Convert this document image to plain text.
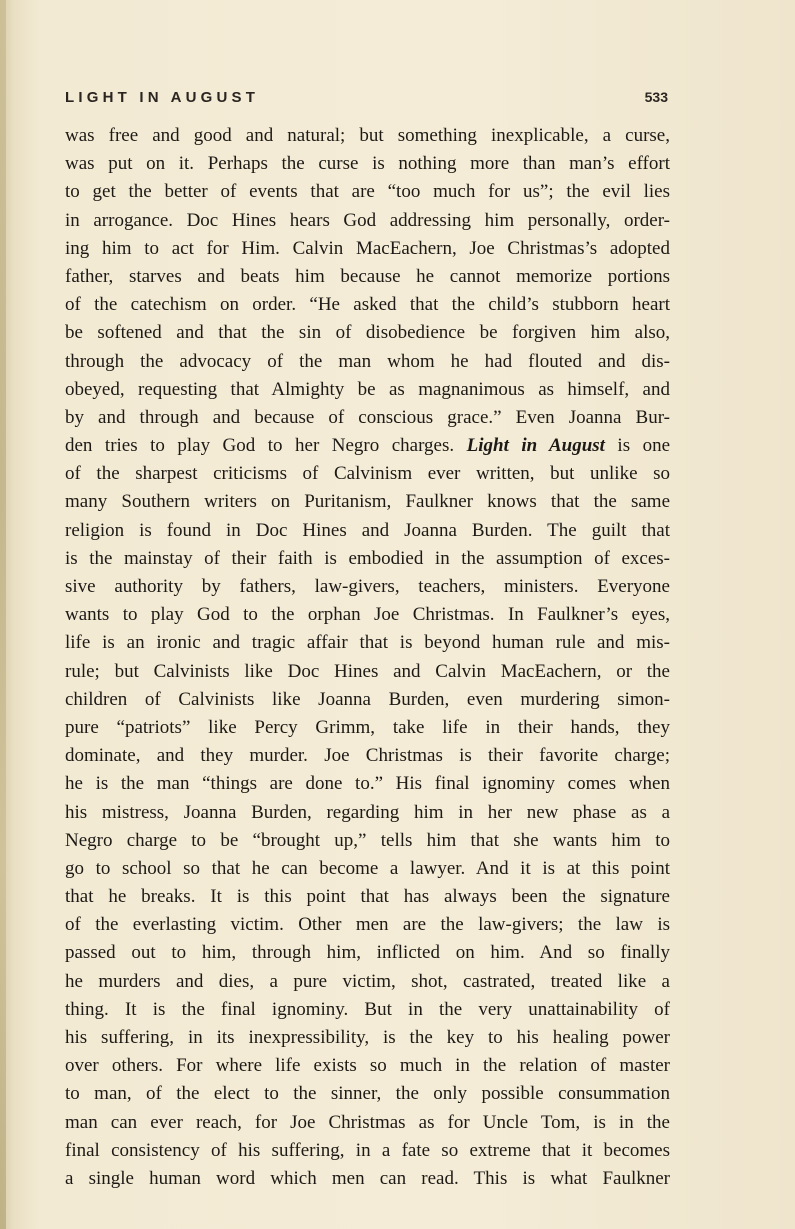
LIGHT IN AUGUST	533
was free and good and natural; but something inexplicable, a curse,
was put on it. Perhaps the curse is nothing more than man’s effort
to get the better of events that are “too much for us”; the evil lies
in arrogance. Doc Hines hears God addressing him personally, order-
ing him to act for Him. Calvin MacEachern, Joe Christmas’s adopted
father, starves and beats him because he cannot memorize portions
of the catechism on order. “He asked that the child’s stubborn heart
be softened and that the sin of disobedience be forgiven him also,
through the advocacy of the man whom he had flouted and dis-
obeyed, requesting that Almighty be as magnanimous as himself, and
by and through and because of conscious grace.” Even Joanna Bur-
den tries to play God to her Negro charges. Light in August is one
of the sharpest criticisms of Calvinism ever written, but unlike so
many Southern writers on Puritanism, Faulkner knows that the same
religion is found in Doc Hines and Joanna Burden. The guilt that
is the mainstay of their faith is embodied in the assumption of exces-
sive authority by fathers, law-givers, teachers, ministers. Everyone
wants to play God to the orphan Joe Christmas. In Faulkner’s eyes,
life is an ironic and tragic affair that is beyond human rule and mis-
rule; but Calvinists like Doc Hines and Calvin MacEachern, or the
children of Calvinists like Joanna Burden, even murdering simon-
pure “patriots” like Percy Grimm, take life in their hands, they
dominate, and they murder. Joe Christmas is their favorite charge;
he is the man “things are done to.” His final ignominy comes when
his mistress, Joanna Burden, regarding him in her new phase as a
Negro charge to be “brought up,” tells him that she wants him to
go to school so that he can become a lawyer. And it is at this point
that he breaks. It is this point that has always been the signature
of the everlasting victim. Other men are the law-givers; the law is
passed out to him, through him, inflicted on him. And so finally
he murders and dies, a pure victim, shot, castrated, treated like a
thing. It is the final ignominy. But in the very unattainability of
his suffering, in its inexpressibility, is the key to his healing power
over others. For where life exists so much in the relation of master
to man, of the elect to the sinner, the only possible consummation
man can ever reach, for Joe Christmas as for Uncle Tom, is in the
final consistency of his suffering, in a fate so extreme that it becomes
a single human word which men can read. This is what Faulkner
